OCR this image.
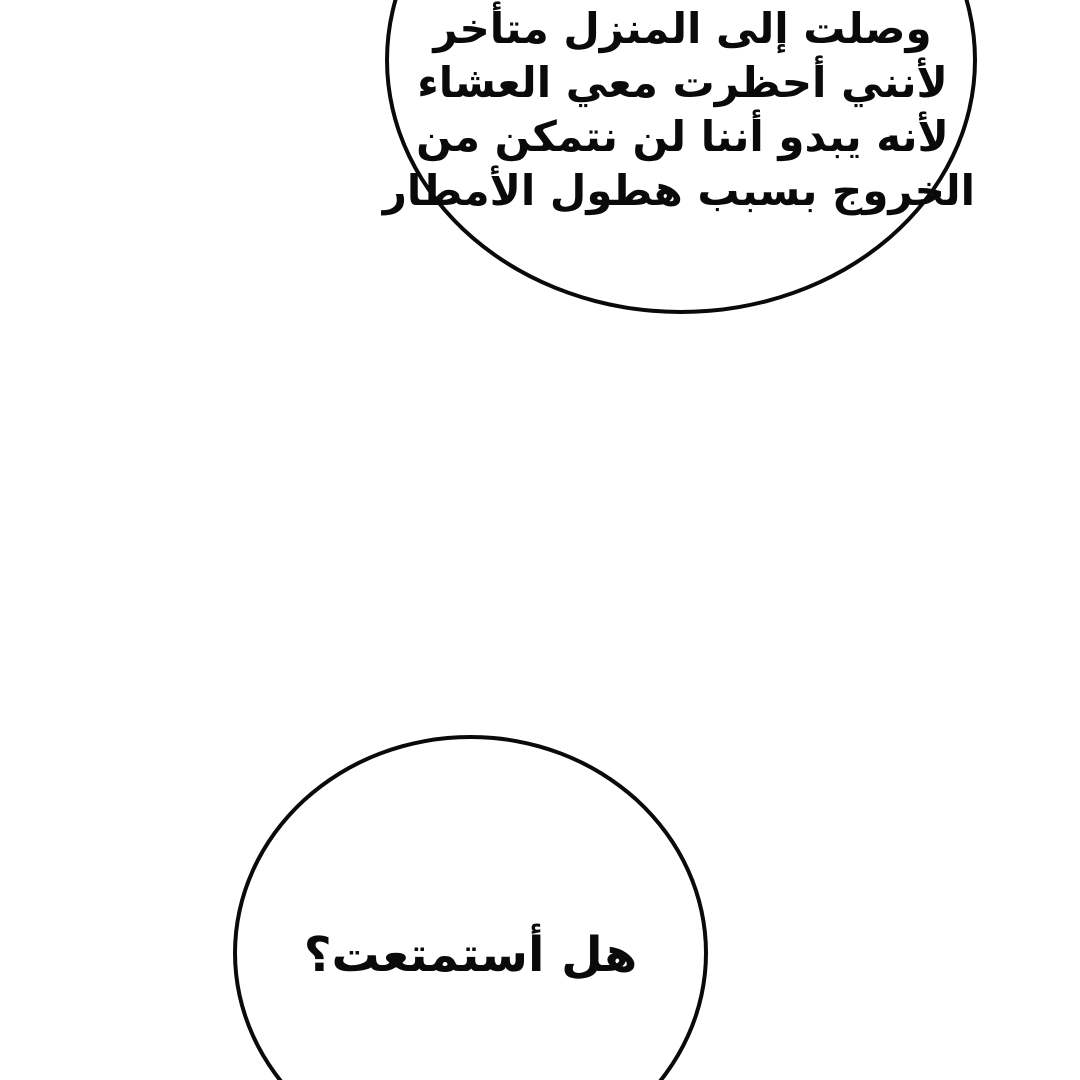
وصلت إلى المنزل متأخر
لأنني أحظرت معي العشاء
لأنه يبدو أننا لن نتمكن من
الخروج بسبب هطول الأمطار
هل أستمتعت؟
